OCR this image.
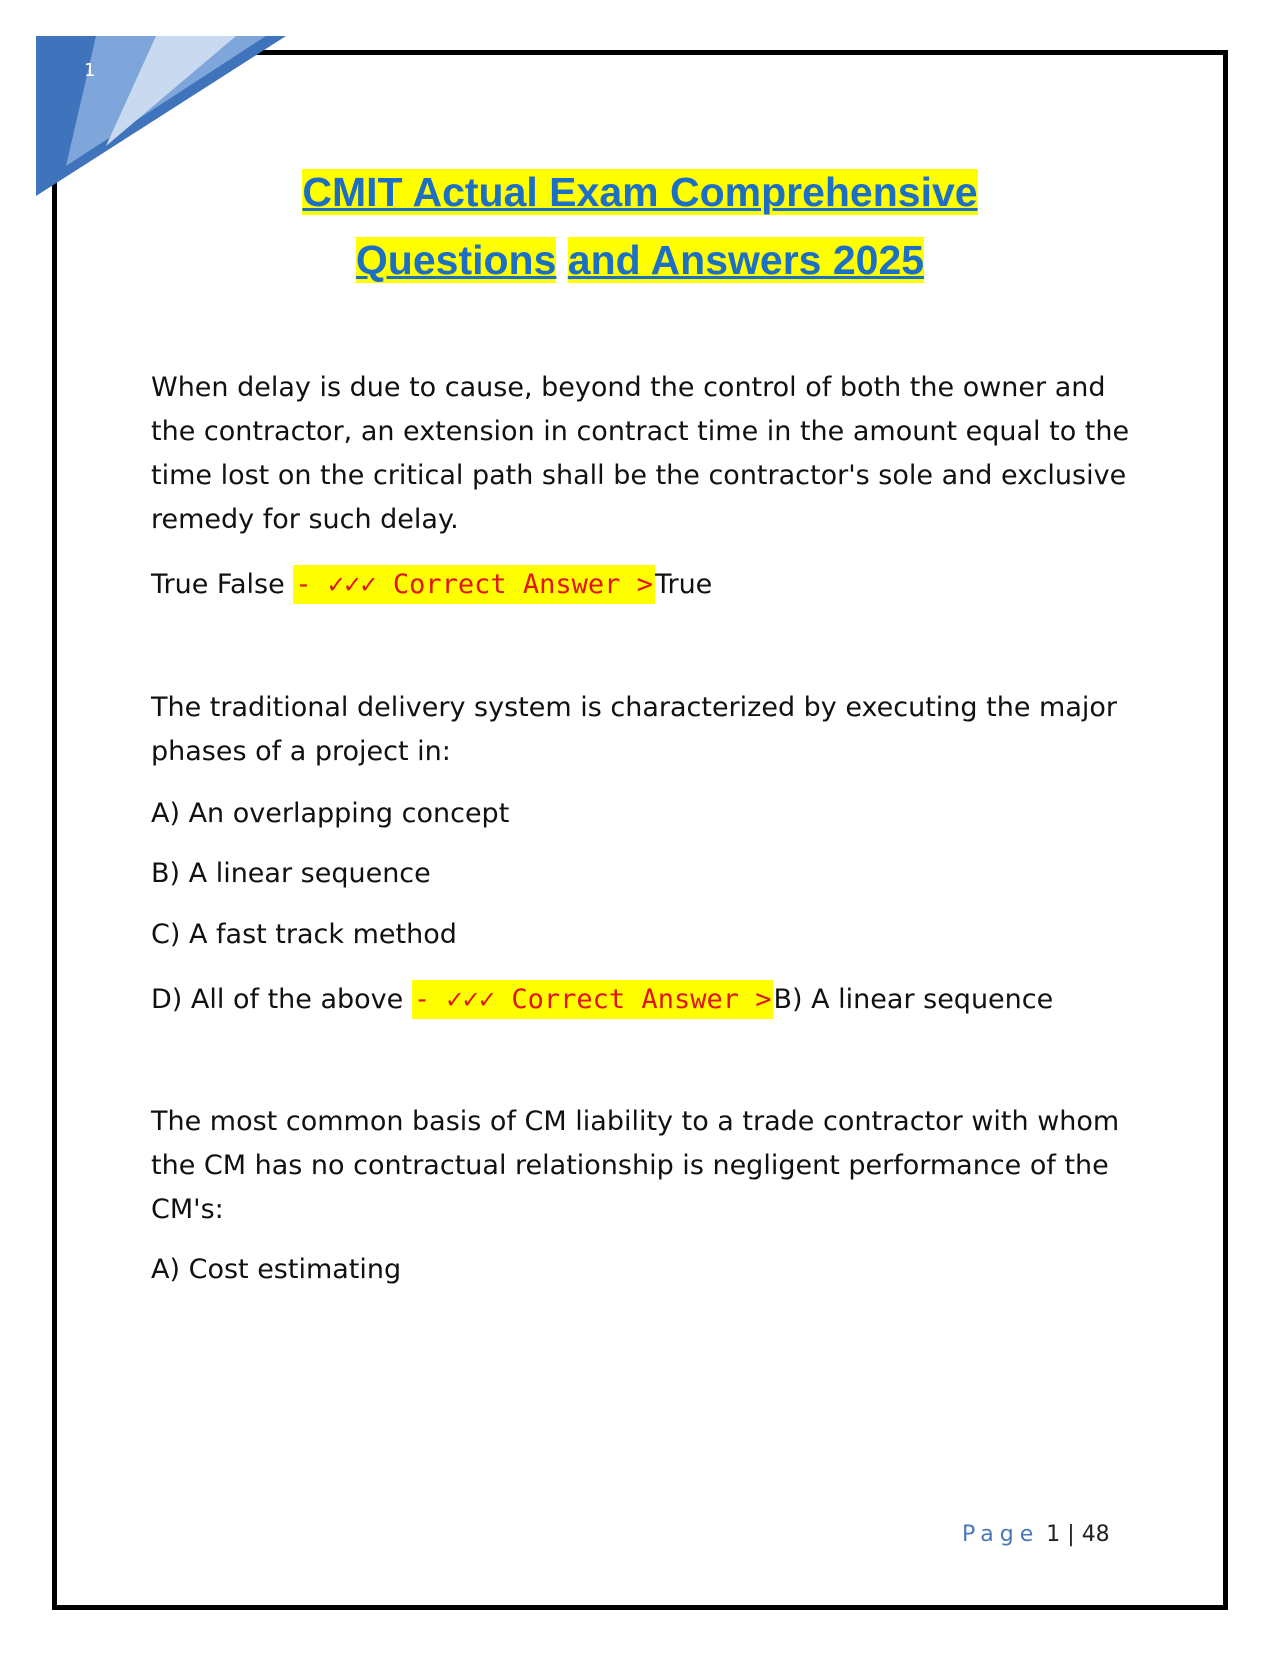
1
CMIT Actual Exam Comprehensive
Questions and Answers 2025
When delay is due to cause, beyond the control of both the owner and the contractor, an extension in contract time in the amount equal to the time lost on the critical path shall be the contractor's sole and exclusive remedy for such delay.
True False - ✓✓✓ Correct Answer >True
The traditional delivery system is characterized by executing the major phases of a project in:
A) An overlapping concept
B) A linear sequence
C) A fast track method
D) All of the above - ✓✓✓ Correct Answer >B) A linear sequence
The most common basis of CM liability to a trade contractor with whom the CM has no contractual relationship is negligent performance of the CM's:
A) Cost estimating
Page 1 | 48
